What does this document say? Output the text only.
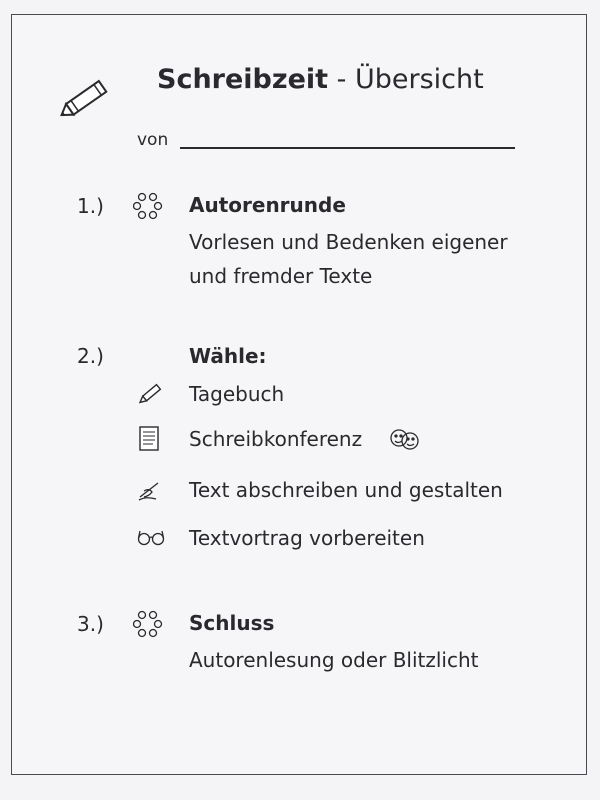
Schreibzeit - Übersicht
von
1.)	Autorenrunde
Vorlesen und Bedenken eigener
und fremder Texte
2.)	Wähle:
Tagebuch
Schreibkonferenz
Text abschreiben und gestalten
Textvortrag vorbereiten
3.)	Schluss
Autorenlesung oder Blitzlicht
